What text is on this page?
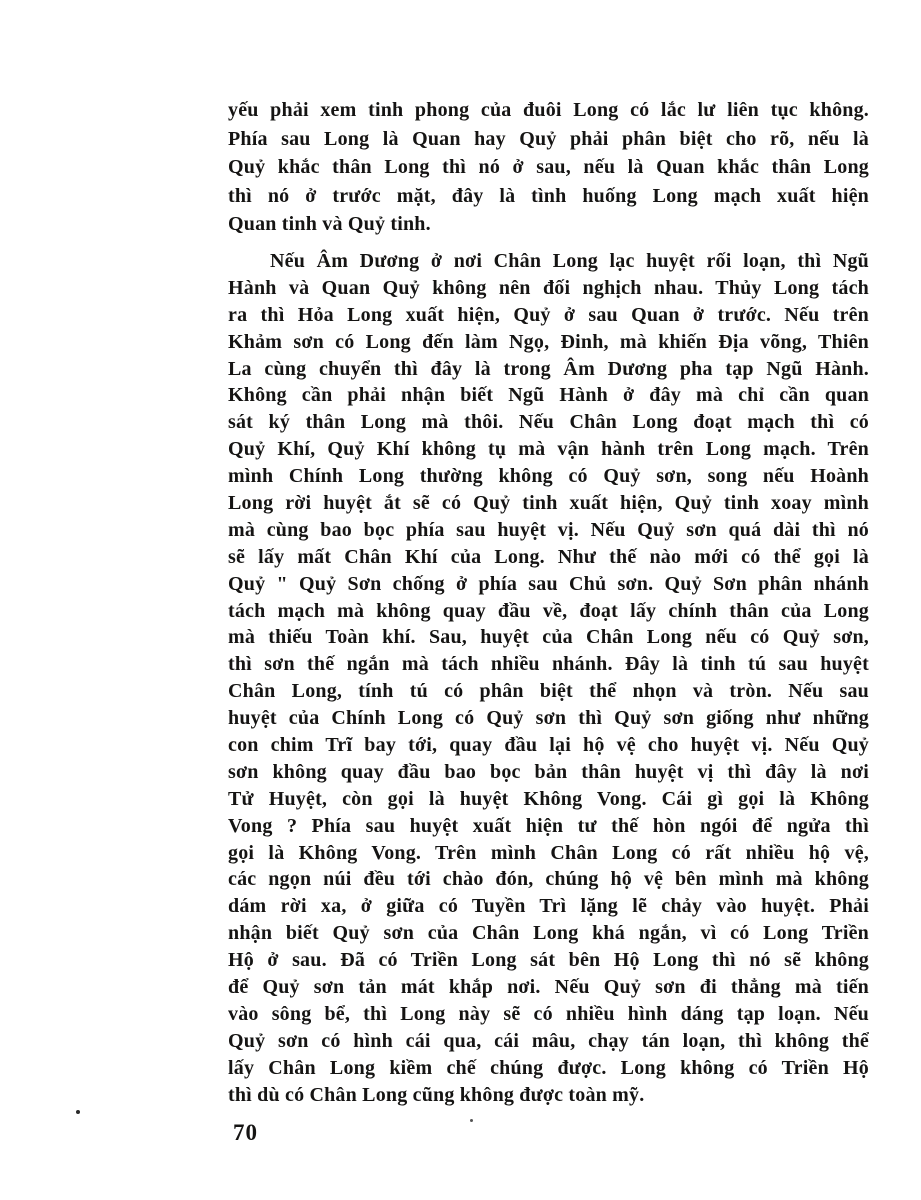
yếu phải xem tinh phong của đuôi Long có lắc lư liên tục không.
Phía sau Long là Quan hay Quỷ phải phân biệt cho rõ, nếu là
Quỷ khắc thân Long thì nó ở sau, nếu là Quan khắc thân Long
thì nó ở trước mặt, đây là tình huống Long mạch xuất hiện
Quan tinh và Quỷ tinh.
Nếu Âm Dương ở nơi Chân Long lạc huyệt rối loạn, thì Ngũ
Hành và Quan Quỷ không nên đối nghịch nhau. Thủy Long tách
ra thì Hỏa Long xuất hiện, Quỷ ở sau Quan ở trước. Nếu trên
Khảm sơn có Long đến làm Ngọ, Đinh, mà khiến Địa võng, Thiên
La cùng chuyển thì đây là trong Âm Dương pha tạp Ngũ Hành.
Không cần phải nhận biết Ngũ Hành ở đây mà chỉ cần quan
sát ký thân Long mà thôi. Nếu Chân Long đoạt mạch thì có
Quỷ Khí, Quỷ Khí không tụ mà vận hành trên Long mạch. Trên
mình Chính Long thường không có Quỷ sơn, song nếu Hoành
Long rời huyệt ắt sẽ có Quỷ tinh xuất hiện, Quỷ tinh xoay mình
mà cùng bao bọc phía sau huyệt vị. Nếu Quỷ sơn quá dài thì nó
sẽ lấy mất Chân Khí của Long. Như thế nào mới có thể gọi là
Quỷ " Quỷ Sơn chống ở phía sau Chủ sơn. Quỷ Sơn phân nhánh
tách mạch mà không quay đầu về, đoạt lấy chính thân của Long
mà thiếu Toàn khí. Sau, huyệt của Chân Long nếu có Quỷ sơn,
thì sơn thế ngắn mà tách nhiều nhánh. Đây là tinh tú sau huyệt
Chân Long, tính tú có phân biệt thể nhọn và tròn. Nếu sau
huyệt của Chính Long có Quỷ sơn thì Quỷ sơn giống như những
con chim Trĩ bay tới, quay đầu lại hộ vệ cho huyệt vị. Nếu Quỷ
sơn không quay đầu bao bọc bản thân huyệt vị thì đây là nơi
Tử Huyệt, còn gọi là huyệt Không Vong. Cái gì gọi là Không
Vong ? Phía sau huyệt xuất hiện tư thế hòn ngói để ngửa thì
gọi là Không Vong. Trên mình Chân Long có rất nhiều hộ vệ,
các ngọn núi đều tới chào đón, chúng hộ vệ bên mình mà không
dám rời xa, ở giữa có Tuyền Trì lặng lẽ chảy vào huyệt. Phải
nhận biết Quỷ sơn của Chân Long khá ngắn, vì có Long Triền
Hộ ở sau. Đã có Triền Long sát bên Hộ Long thì nó sẽ không
để Quỷ sơn tản mát khắp nơi. Nếu Quỷ sơn đi thẳng mà tiến
vào sông bể, thì Long này sẽ có nhiều hình dáng tạp loạn. Nếu
Quỷ sơn có hình cái qua, cái mâu, chạy tán loạn, thì không thể
lấy Chân Long kiềm chế chúng được. Long không có Triền Hộ
thì dù có Chân Long cũng không được toàn mỹ.
70
